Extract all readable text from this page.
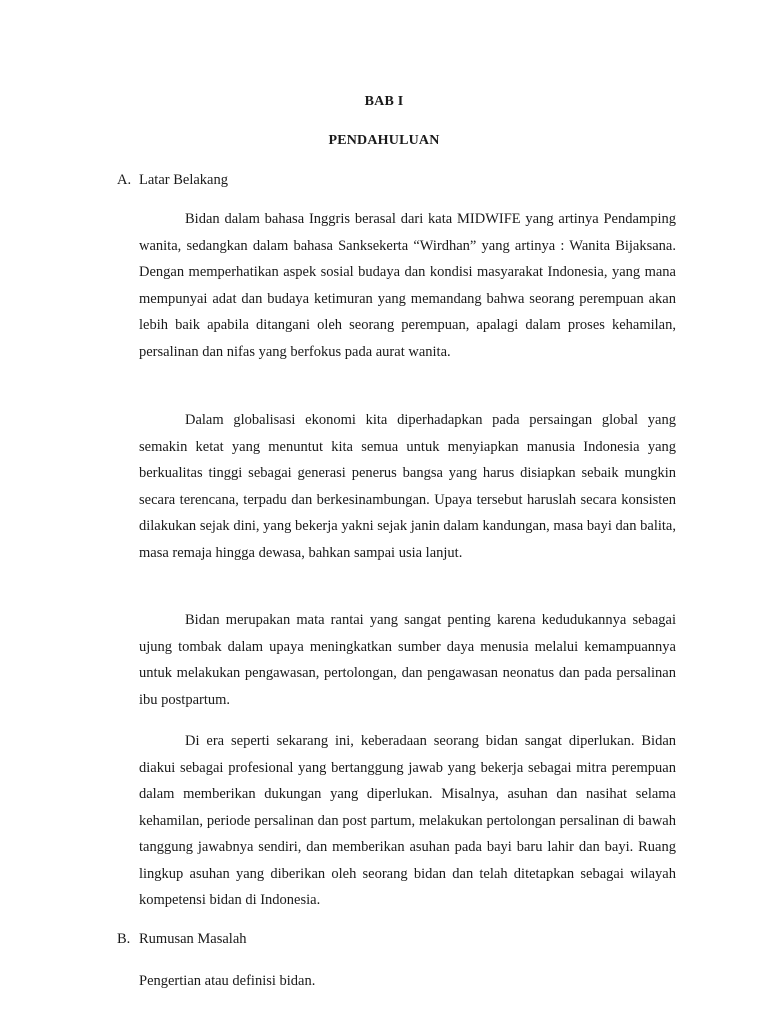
BAB I
PENDAHULUAN
A. Latar Belakang

Bidan dalam bahasa Inggris berasal dari kata MIDWIFE yang artinya Pendamping wanita, sedangkan dalam bahasa Sanksekerta “Wirdhan” yang artinya : Wanita Bijaksana. Dengan memperhatikan aspek sosial budaya dan kondisi masyarakat Indonesia, yang mana mempunyai adat dan budaya ketimuran yang memandang bahwa seorang perempuan akan lebih baik apabila ditangani oleh seorang perempuan, apalagi dalam proses kehamilan, persalinan dan nifas yang berfokus pada aurat wanita.

Dalam globalisasi ekonomi kita diperhadapkan pada persaingan global yang semakin ketat yang menuntut kita semua untuk menyiapkan manusia Indonesia yang berkualitas tinggi sebagai generasi penerus bangsa yang harus disiapkan sebaik mungkin secara terencana, terpadu dan berkesinambungan. Upaya tersebut haruslah secara konsisten dilakukan sejak dini, yang bekerja yakni sejak janin dalam kandungan, masa bayi dan balita, masa remaja hingga dewasa, bahkan sampai usia lanjut.

Bidan merupakan mata rantai yang sangat penting karena kedudukannya sebagai ujung tombak dalam upaya meningkatkan sumber daya menusia melalui kemampuannya untuk melakukan pengawasan, pertolongan, dan pengawasan neonatus dan pada persalinan ibu postpartum.

Di era seperti sekarang ini, keberadaan seorang bidan sangat diperlukan. Bidan diakui sebagai profesional yang bertanggung jawab yang bekerja sebagai mitra perempuan dalam memberikan dukungan yang diperlukan. Misalnya, asuhan dan nasihat selama kehamilan, periode persalinan dan post partum, melakukan pertolongan persalinan di bawah tanggung jawabnya sendiri, dan memberikan asuhan pada bayi baru lahir dan bayi. Ruang lingkup asuhan yang diberikan oleh seorang bidan dan telah ditetapkan sebagai wilayah kompetensi bidan di Indonesia.

B. Rumusan Masalah

Pengertian atau definisi bidan.
